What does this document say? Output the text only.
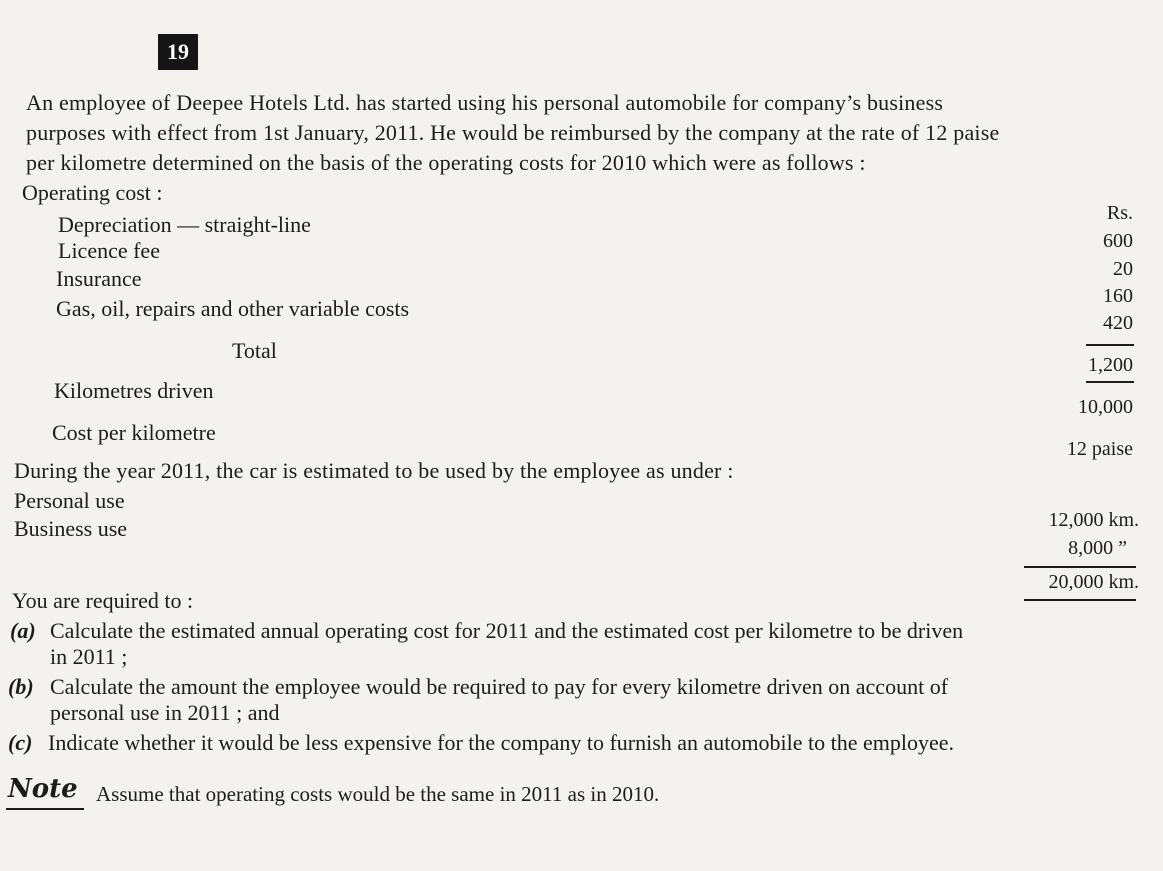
19
An employee of Deepee Hotels Ltd. has started using his personal automobile for company’s business
purposes with effect from 1st January, 2011. He would be reimbursed by the company at the rate of 12 paise
per kilometre determined on the basis of the operating costs for 2010 which were as follows :
Operating cost :
Rs.
Depreciation — straight-line
600
Licence fee
20
Insurance
160
Gas, oil, repairs and other variable costs
420
Total
1,200
Kilometres driven
10,000
Cost per kilometre
12 paise
During the year 2011, the car is estimated to be used by the employee as under :
Personal use
12,000 km.
Business use
8,000 ”
20,000 km.
You are required to :
(a) Calculate the estimated annual operating cost for 2011 and the estimated cost per kilometre to be driven
in 2011 ;
(b) Calculate the amount the employee would be required to pay for every kilometre driven on account of
personal use in 2011 ; and
(c) Indicate whether it would be less expensive for the company to furnish an automobile to the employee.
Note Assume that operating costs would be the same in 2011 as in 2010.
